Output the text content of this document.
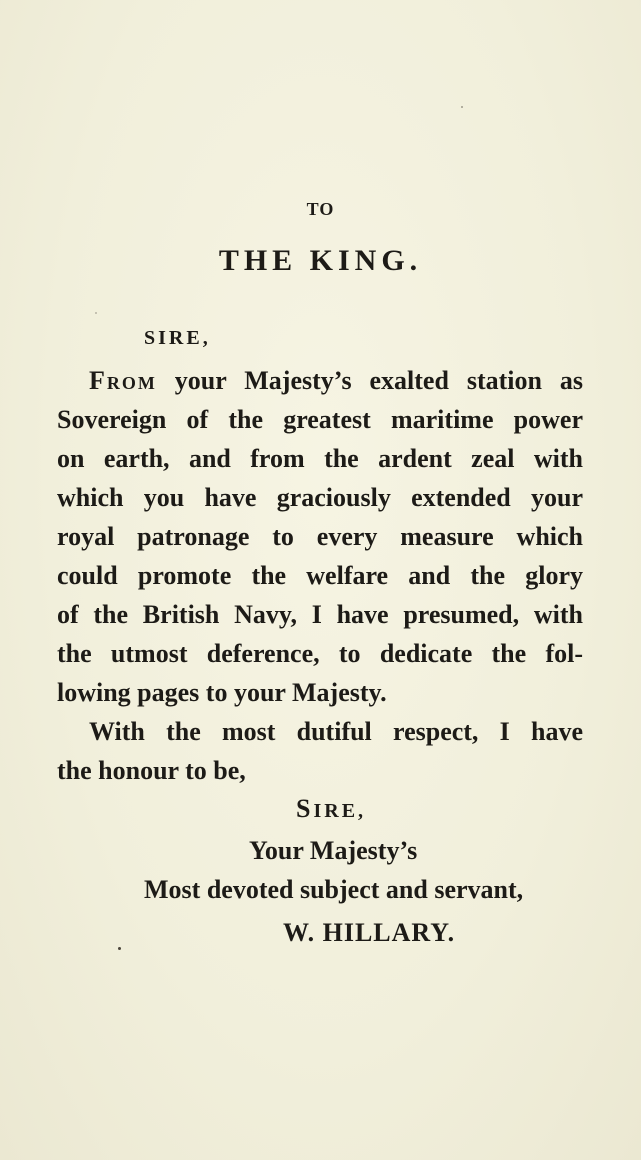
TO
THE KING.
SIRE,
From your Majesty’s exalted station as
Sovereign of the greatest maritime power
on earth, and from the ardent zeal with
which you have graciously extended your
royal patronage to every measure which
could promote the welfare and the glory
of the British Navy, I have presumed, with
the utmost deference, to dedicate the fol-
lowing pages to your Majesty.
With the most dutiful respect, I have
the honour to be,
SIRE,
Your Majesty’s
Most devoted subject and servant,
W. HILLARY.
